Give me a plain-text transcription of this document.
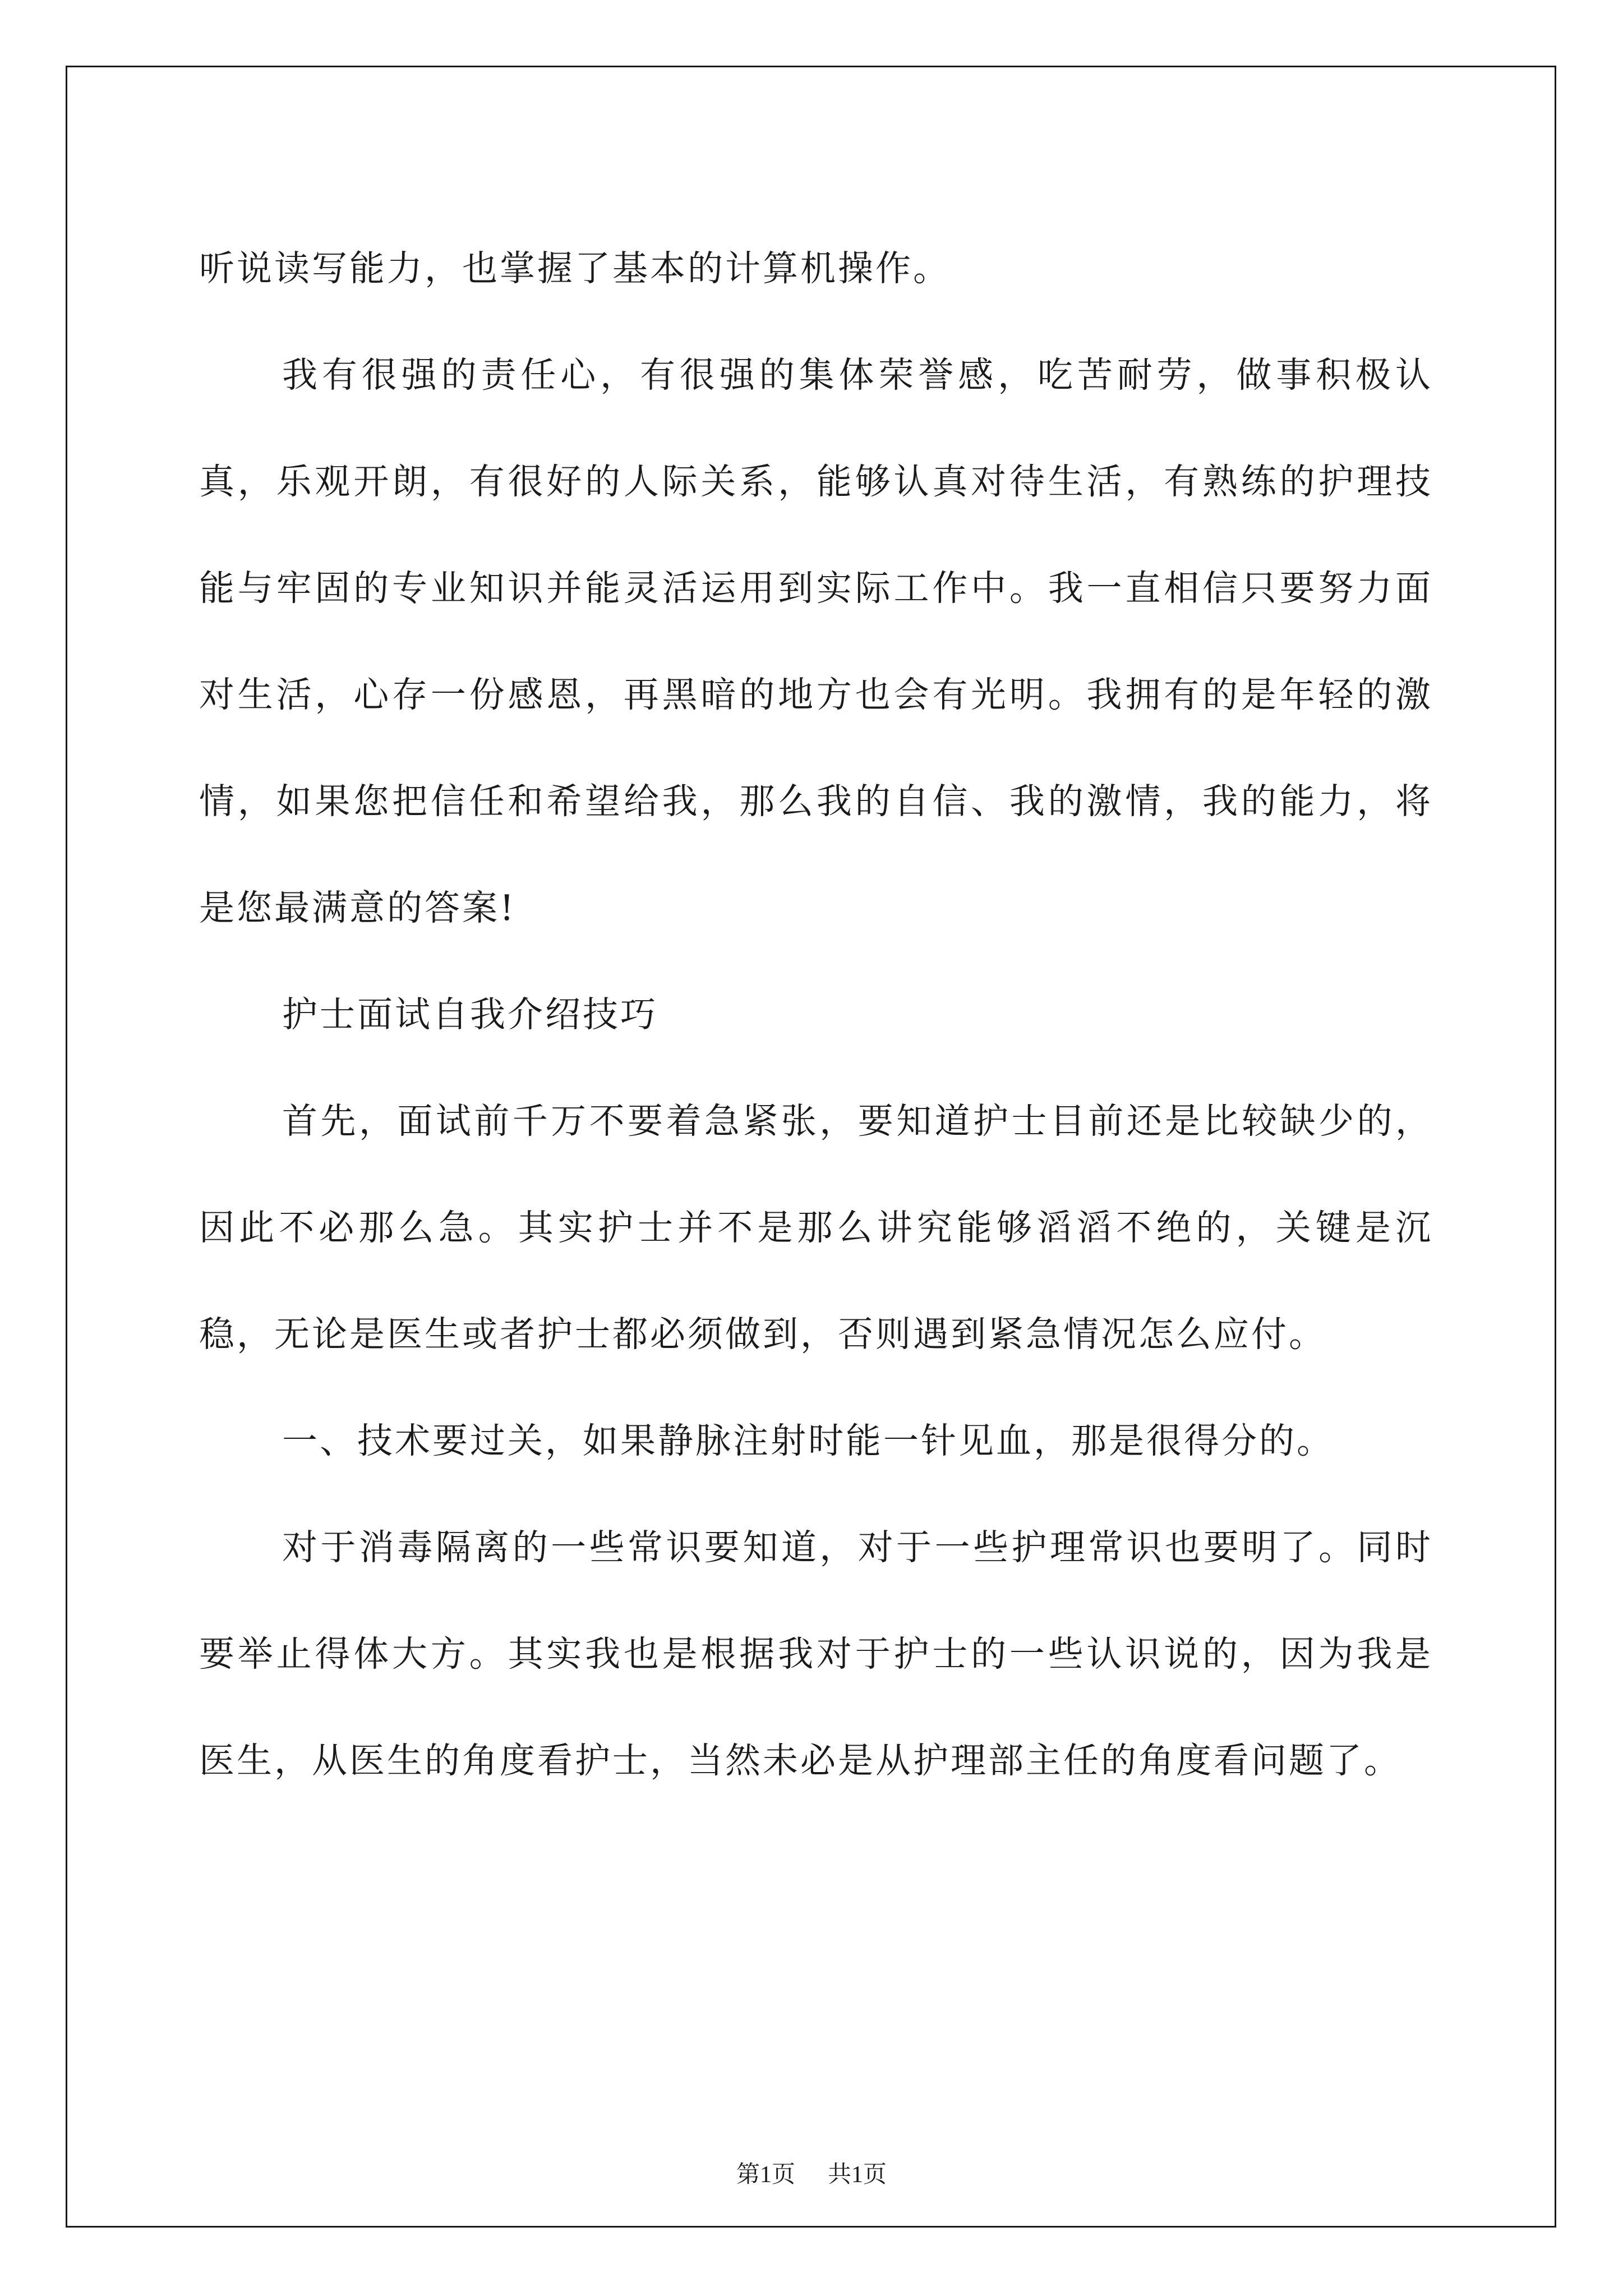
听说读写能力，也掌握了基本的计算机操作。

我有很强的责任心，有很强的集体荣誉感，吃苦耐劳，做事积极认真，乐观开朗，有很好的人际关系，能够认真对待生活，有熟练的护理技能与牢固的专业知识并能灵活运用到实际工作中。我一直相信只要努力面对生活，心存一份感恩，再黑暗的地方也会有光明。我拥有的是年轻的激情，如果您把信任和希望给我，那么我的自信、我的激情，我的能力，将是您最满意的答案!

护士面试自我介绍技巧

首先，面试前千万不要着急紧张，要知道护士目前还是比较缺少的，因此不必那么急。其实护士并不是那么讲究能够滔滔不绝的，关键是沉稳，无论是医生或者护士都必须做到，否则遇到紧急情况怎么应付。

一、技术要过关，如果静脉注射时能一针见血，那是很得分的。

对于消毒隔离的一些常识要知道，对于一些护理常识也要明了。同时要举止得体大方。其实我也是根据我对于护士的一些认识说的，因为我是医生，从医生的角度看护士，当然未必是从护理部主任的角度看问题了。

第1页 共1页
